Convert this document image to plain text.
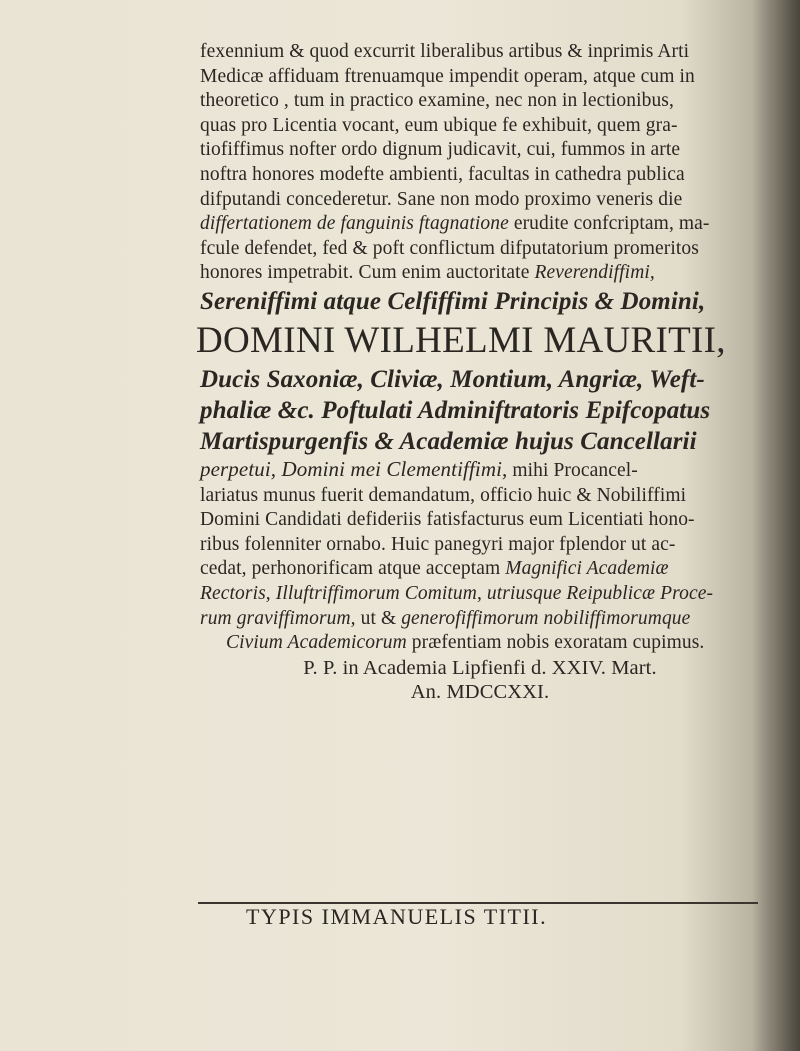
fexennium & quod excurrit liberalibus artibus & inprimis Arti
Medicæ affiduam ftrenuamque impendit operam, atque cum in
theoretico , tum in practico examine, nec non in lectionibus,
quas pro Licentia vocant, eum ubique fe exhibuit, quem gra-
tiofiffimus nofter ordo dignum judicavit, cui, fummos in arte
noftra honores modefte ambienti, facultas in cathedra publica
difputandi concederetur. Sane non modo proximo veneris die
differtationem de fanguinis ftagnatione erudite confcriptam, ma-
fcule defendet, fed & poft conflictum difputatorium promeritos
honores impetrabit. Cum enim auctoritate Reverendiffimi,
Sereniffimi atque Celfiffimi Principis & Domini,
DOMINI WILHELMI MAURITII,
Ducis Saxoniæ, Cliviæ, Montium, Angriæ, Weft-
phaliæ &c. Poftulati Adminiftratoris Epifcopatus
Martispurgenfis & Academiæ hujus Cancellarii
perpetui, Domini mei Clementiffimi, mihi Procancel-
lariatus munus fuerit demandatum, officio huic & Nobiliffimi
Domini Candidati defideriis fatisfacturus eum Licentiati hono-
ribus folenniter ornabo. Huic panegyri major fplendor ut ac-
cedat, perhonorificam atque acceptam Magnifici Academiæ
Rectoris, Illuftriffimorum Comitum, utriusque Reipublicæ Proce-
rum graviffimorum, ut & generofiffimorum nobiliffimorumque
Civium Academicorum præfentiam nobis exoratam cupimus.
P. P. in Academia Lipfienfi d. XXIV. Mart.
An. MDCCXXI.
TYPIS IMMANUELIS TITII.
